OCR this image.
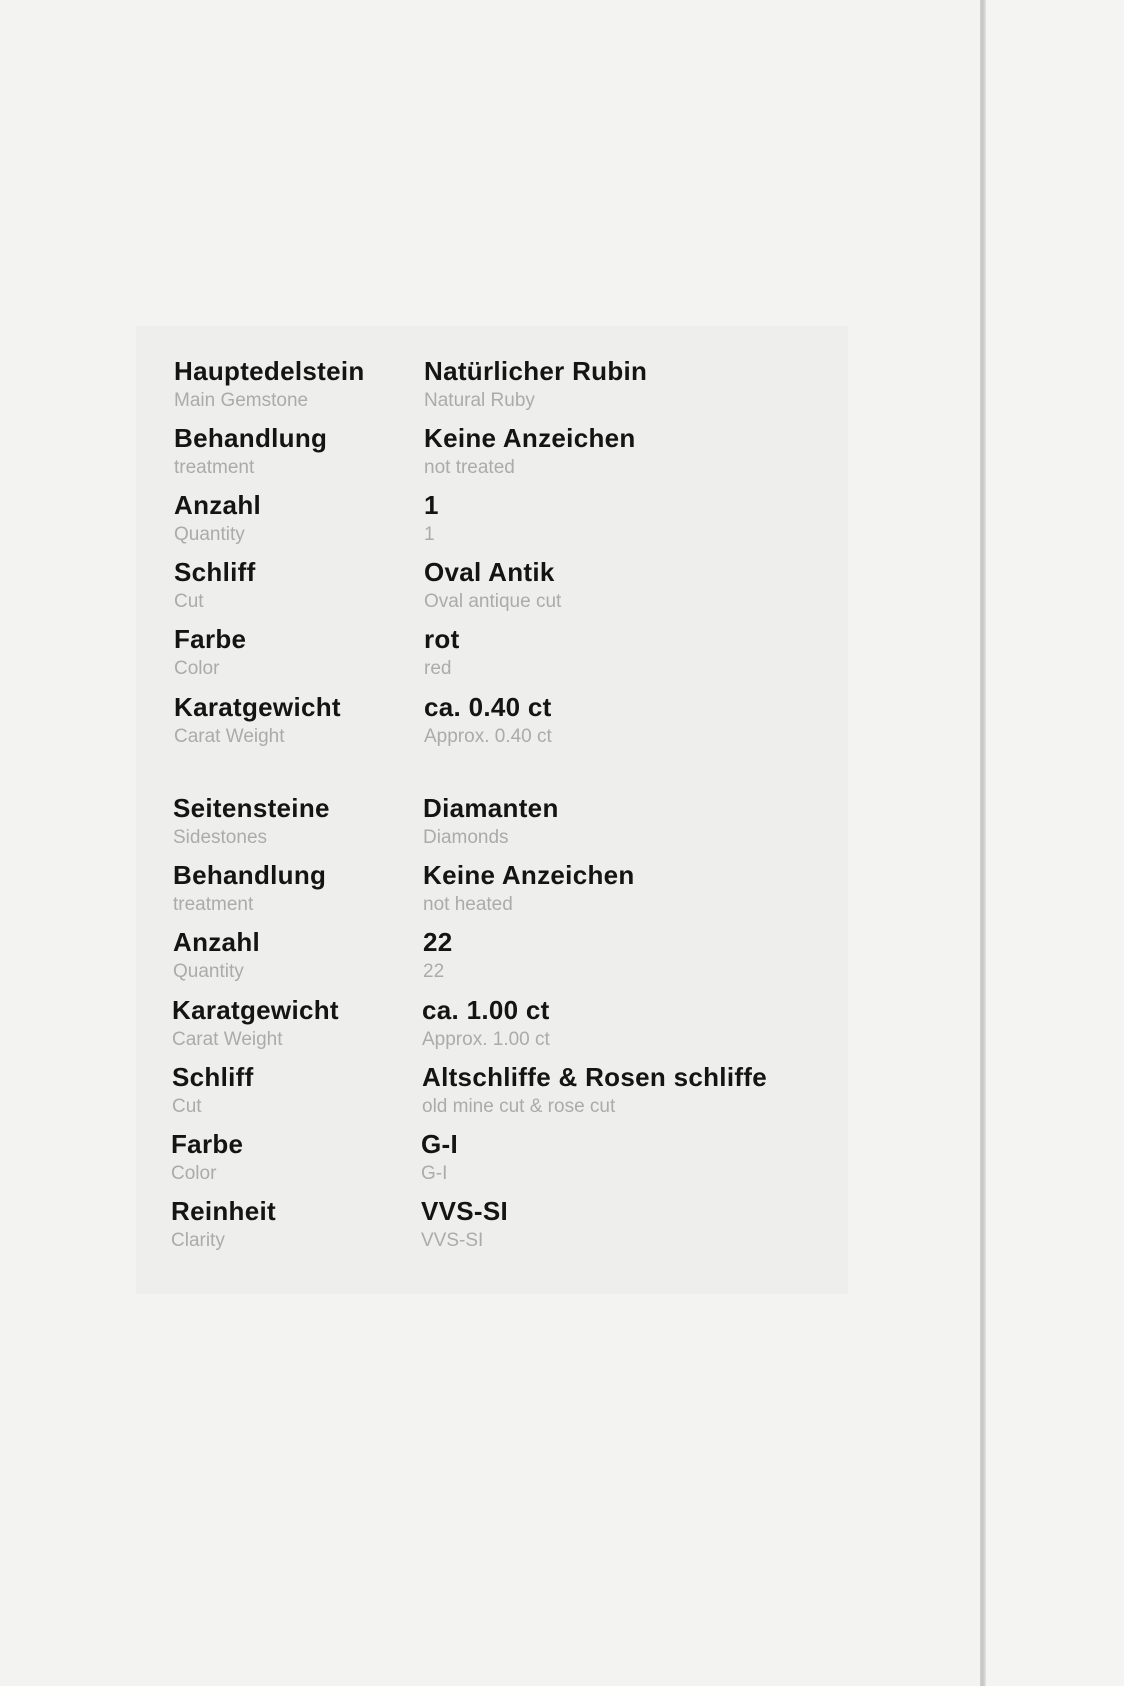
Hauptedelstein
Main Gemstone
Natürlicher Rubin
Natural Ruby
Behandlung
treatment
Keine Anzeichen
not treated
Anzahl
Quantity
1
1
Schliff
Cut
Oval Antik
Oval antique cut
Farbe
Color
rot
red
Karatgewicht
Carat Weight
ca. 0.40 ct
Approx. 0.40 ct
Seitensteine
Sidestones
Diamanten
Diamonds
Behandlung
treatment
Keine Anzeichen
not heated
Anzahl
Quantity
22
22
Karatgewicht
Carat Weight
ca. 1.00 ct
Approx. 1.00 ct
Schliff
Cut
Altschliffe & Rosen schliffe
old mine cut & rose cut
Farbe
Color
G-I
G-I
Reinheit
Clarity
VVS-SI
VVS-SI
